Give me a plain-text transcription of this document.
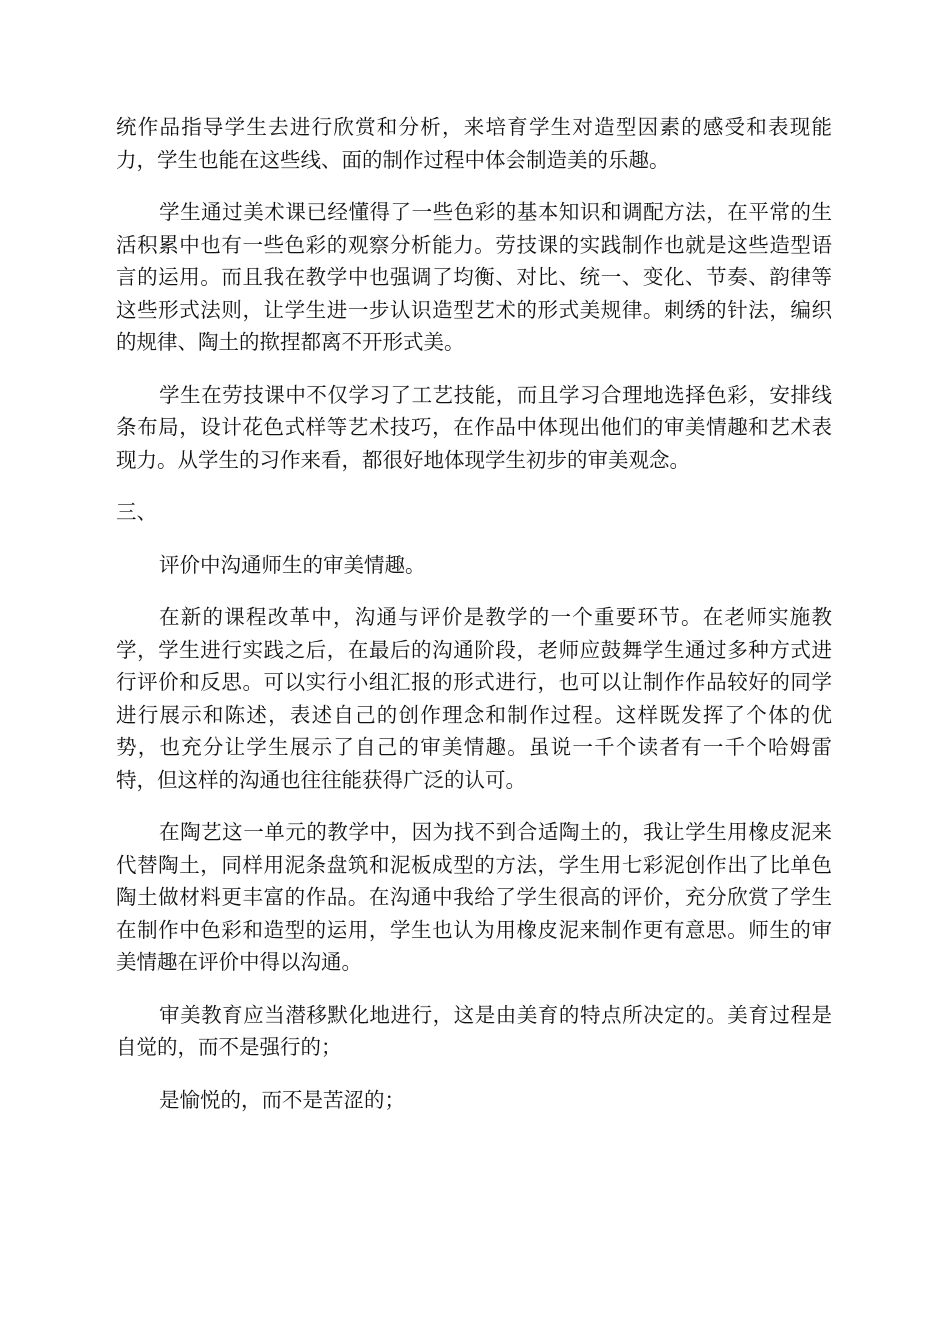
统作品指导学生去进行欣赏和分析，来培育学生对造型因素的感受和表现能力，学生也能在这些线、面的制作过程中体会制造美的乐趣。

学生通过美术课已经懂得了一些色彩的基本知识和调配方法，在平常的生活积累中也有一些色彩的观察分析能力。劳技课的实践制作也就是这些造型语言的运用。而且我在教学中也强调了均衡、对比、统一、变化、节奏、韵律等这些形式法则，让学生进一步认识造型艺术的形式美规律。刺绣的针法，编织的规律、陶土的揿捏都离不开形式美。

学生在劳技课中不仅学习了工艺技能，而且学习合理地选择色彩，安排线条布局，设计花色式样等艺术技巧，在作品中体现出他们的审美情趣和艺术表现力。从学生的习作来看，都很好地体现学生初步的审美观念。

三、

评价中沟通师生的审美情趣。

在新的课程改革中，沟通与评价是教学的一个重要环节。在老师实施教学，学生进行实践之后，在最后的沟通阶段，老师应鼓舞学生通过多种方式进行评价和反思。可以实行小组汇报的形式进行，也可以让制作作品较好的同学进行展示和陈述，表述自己的创作理念和制作过程。这样既发挥了个体的优势，也充分让学生展示了自己的审美情趣。虽说一千个读者有一千个哈姆雷特，但这样的沟通也往往能获得广泛的认可。

在陶艺这一单元的教学中，因为找不到合适陶土的，我让学生用橡皮泥来代替陶土，同样用泥条盘筑和泥板成型的方法，学生用七彩泥创作出了比单色陶土做材料更丰富的作品。在沟通中我给了学生很高的评价，充分欣赏了学生在制作中色彩和造型的运用，学生也认为用橡皮泥来制作更有意思。师生的审美情趣在评价中得以沟通。

审美教育应当潜移默化地进行，这是由美育的特点所决定的。美育过程是自觉的，而不是强行的；

是愉悦的，而不是苦涩的；
